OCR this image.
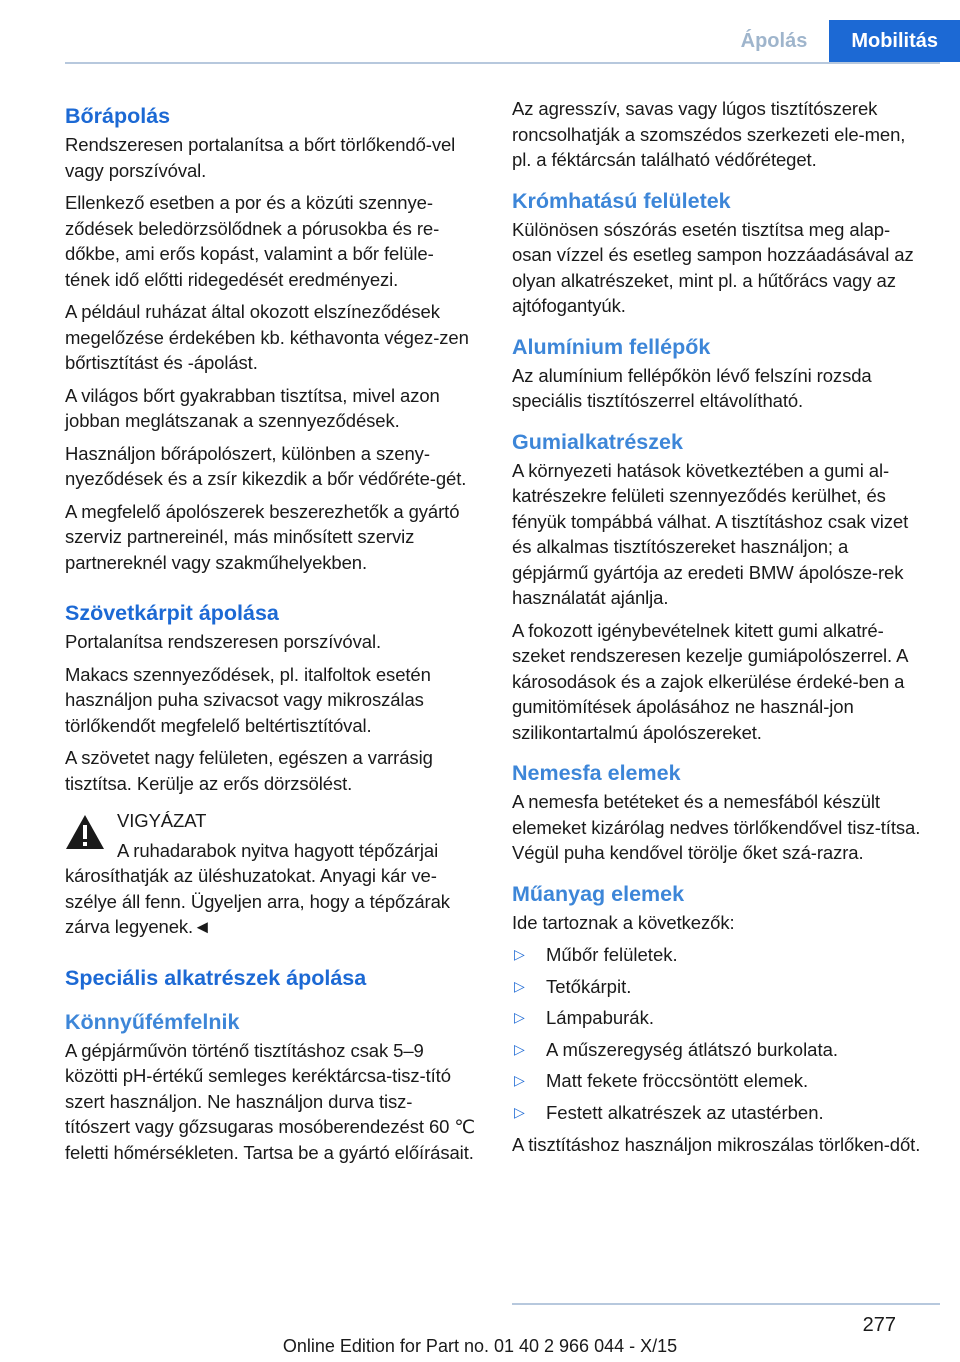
Ápolás	Mobilitás
Bőrápolás

Rendszeresen portalanítsa a bőrt törlőkendő-vel vagy porszívóval.

Ellenkező esetben a por és a közúti szennye-ződések beledörzsölődnek a pórusokba és re-dőkbe, ami erős kopást, valamint a bőr felüle-tének idő előtti ridegedését eredményezi.

A például ruházat által okozott elszíneződések megelőzése érdekében kb. kéthavonta végez-zen bőrtisztítást és -ápolást.

A világos bőrt gyakrabban tisztítsa, mivel azon jobban meglátszanak a szennyeződések.

Használjon bőrápolószert, különben a szeny-nyeződések és a zsír kikezdik a bőr védőréte-gét.

A megfelelő ápolószerek beszerezhetők a gyártó szerviz partnereinél, más minősített szerviz partnereknél vagy szakműhelyekben.

Szövetkárpit ápolása

Portalanítsa rendszeresen porszívóval.

Makacs szennyeződések, pl. italfoltok esetén használjon puha szivacsot vagy mikroszálas törlőkendőt megfelelő beltértisztítóval.

A szövetet nagy felületen, egészen a varrásig tisztítsa. Kerülje az erős dörzsölést.

VIGYÁZAT

A ruhadarabok nyitva hagyott tépőzárjai

károsíthatják az üléshuzatokat. Anyagi kár ve-szélye áll fenn. Ügyeljen arra, hogy a tépőzárak zárva legyenek.◄

Speciális alkatrészek ápolása
Könnyűfémfelnik

A gépjárművön történő tisztításhoz csak 5–9 közötti pH-értékű semleges keréktárcsa-tisz-tító szert használjon. Ne használjon durva tisz-títószert vagy gőzsugaras mosóberendezést 60 ℃ feletti hőmérsékleten. Tartsa be a gyártó előírásait.

Az agresszív, savas vagy lúgos tisztítószerek roncsolhatják a szomszédos szerkezeti ele-men, pl. a féktárcsán található védőréteget.

Krómhatású felületek

Különösen sószórás esetén tisztítsa meg alap-osan vízzel és esetleg sampon hozzáadásával az olyan alkatrészeket, mint pl. a hűtőrács vagy az ajtófogantyúk.

Alumínium fellépők

Az alumínium fellépőkön lévő felszíni rozsda speciális tisztítószerrel eltávolítható.

Gumialkatrészek

A környezeti hatások következtében a gumi al-katrészekre felületi szennyeződés kerülhet, és fényük tompábbá válhat. A tisztításhoz csak vizet és alkalmas tisztítószereket használjon; a gépjármű gyártója az eredeti BMW ápolósze-rek használatát ajánlja.

A fokozott igénybevételnek kitett gumi alkatré-szeket rendszeresen kezelje gumiápolószerrel. A károsodások és a zajok elkerülése érdeké-ben a gumitömítések ápolásához ne használ-jon szilikontartalmú ápolószereket.

Nemesfa elemek

A nemesfa betéteket és a nemesfából készült elemeket kizárólag nedves törlőkendővel tisz-títsa. Végül puha kendővel törölje őket szá-razra.

Műanyag elemek

Ide tartoznak a következők:

▷ Műbőr felületek.
▷ Tetőkárpit.
▷ Lámpaburák.
▷ A műszeregység átlátszó burkolata.
▷ Matt fekete fröccsöntött elemek.
▷ Festett alkatrészek az utastérben.

A tisztításhoz használjon mikroszálas törlőken-dőt.

277
Online Edition for Part no. 01 40 2 966 044 - X/15
